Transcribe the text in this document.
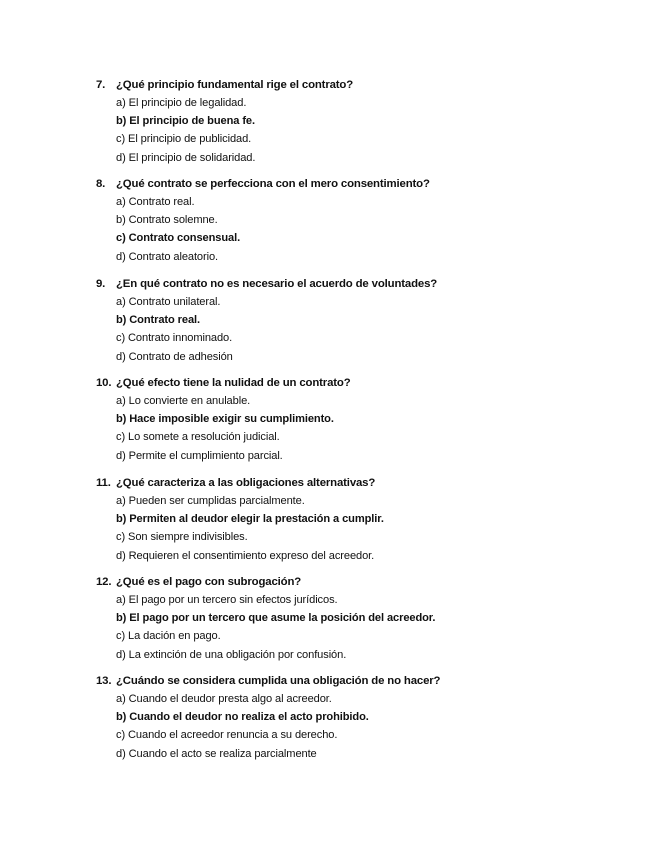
7. ¿Qué principio fundamental rige el contrato?
a) El principio de legalidad.
b) El principio de buena fe.
c) El principio de publicidad.
d) El principio de solidaridad.
8. ¿Qué contrato se perfecciona con el mero consentimiento?
a) Contrato real.
b) Contrato solemne.
c) Contrato consensual.
d) Contrato aleatorio.
9. ¿En qué contrato no es necesario el acuerdo de voluntades?
a) Contrato unilateral.
b) Contrato real.
c) Contrato innominado.
d) Contrato de adhesión
10. ¿Qué efecto tiene la nulidad de un contrato?
a) Lo convierte en anulable.
b) Hace imposible exigir su cumplimiento.
c) Lo somete a resolución judicial.
d) Permite el cumplimiento parcial.
11. ¿Qué caracteriza a las obligaciones alternativas?
a) Pueden ser cumplidas parcialmente.
b) Permiten al deudor elegir la prestación a cumplir.
c) Son siempre indivisibles.
d) Requieren el consentimiento expreso del acreedor.
12. ¿Qué es el pago con subrogación?
a) El pago por un tercero sin efectos jurídicos.
b) El pago por un tercero que asume la posición del acreedor.
c) La dación en pago.
d) La extinción de una obligación por confusión.
13. ¿Cuándo se considera cumplida una obligación de no hacer?
a) Cuando el deudor presta algo al acreedor.
b) Cuando el deudor no realiza el acto prohibido.
c) Cuando el acreedor renuncia a su derecho.
d) Cuando el acto se realiza parcialmente
